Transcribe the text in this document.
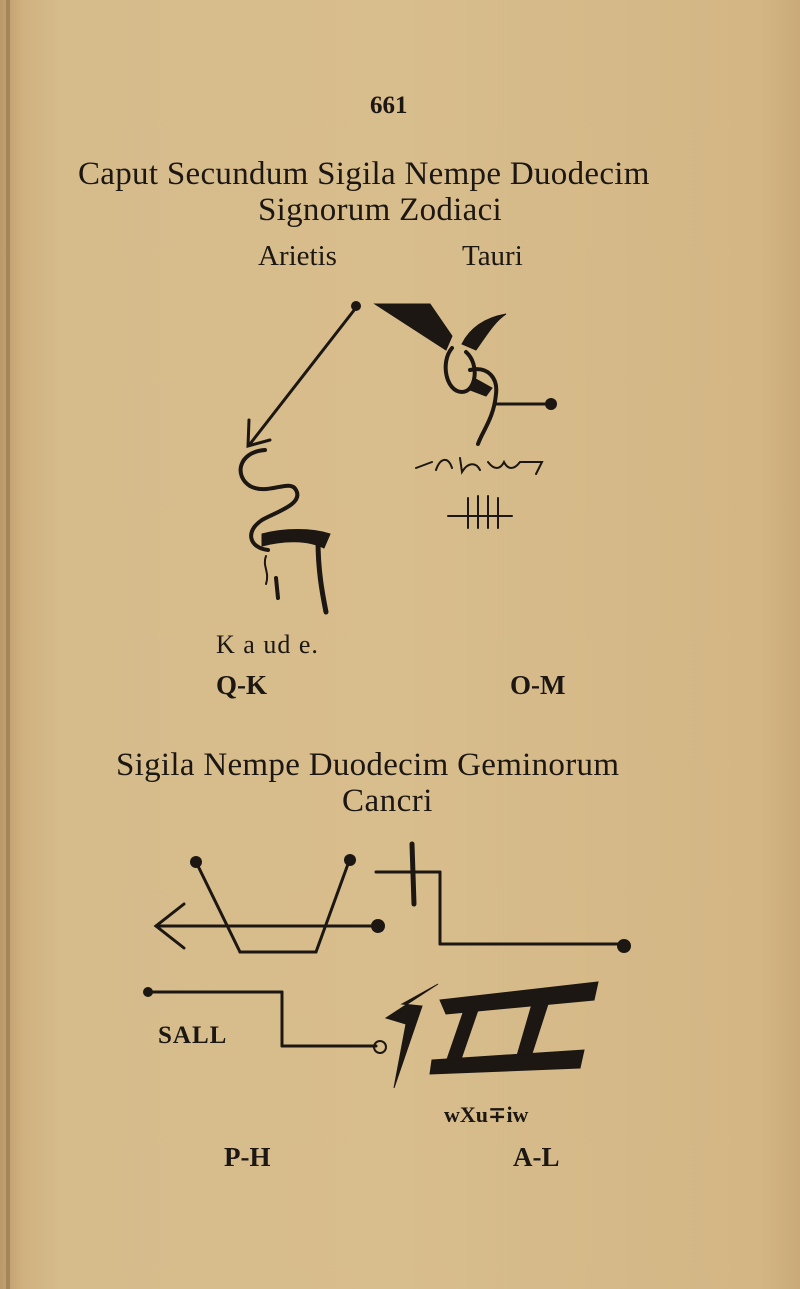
661
Caput Secundum Sigila Nempe Duodecim
Signorum Zodiaci
Arietis	Tauri
K a ud e.
Q-K	O-M
Sigila Nempe Duodecim Geminorum
Cancri
SALL
wXu∓iw
P-H	A-L
